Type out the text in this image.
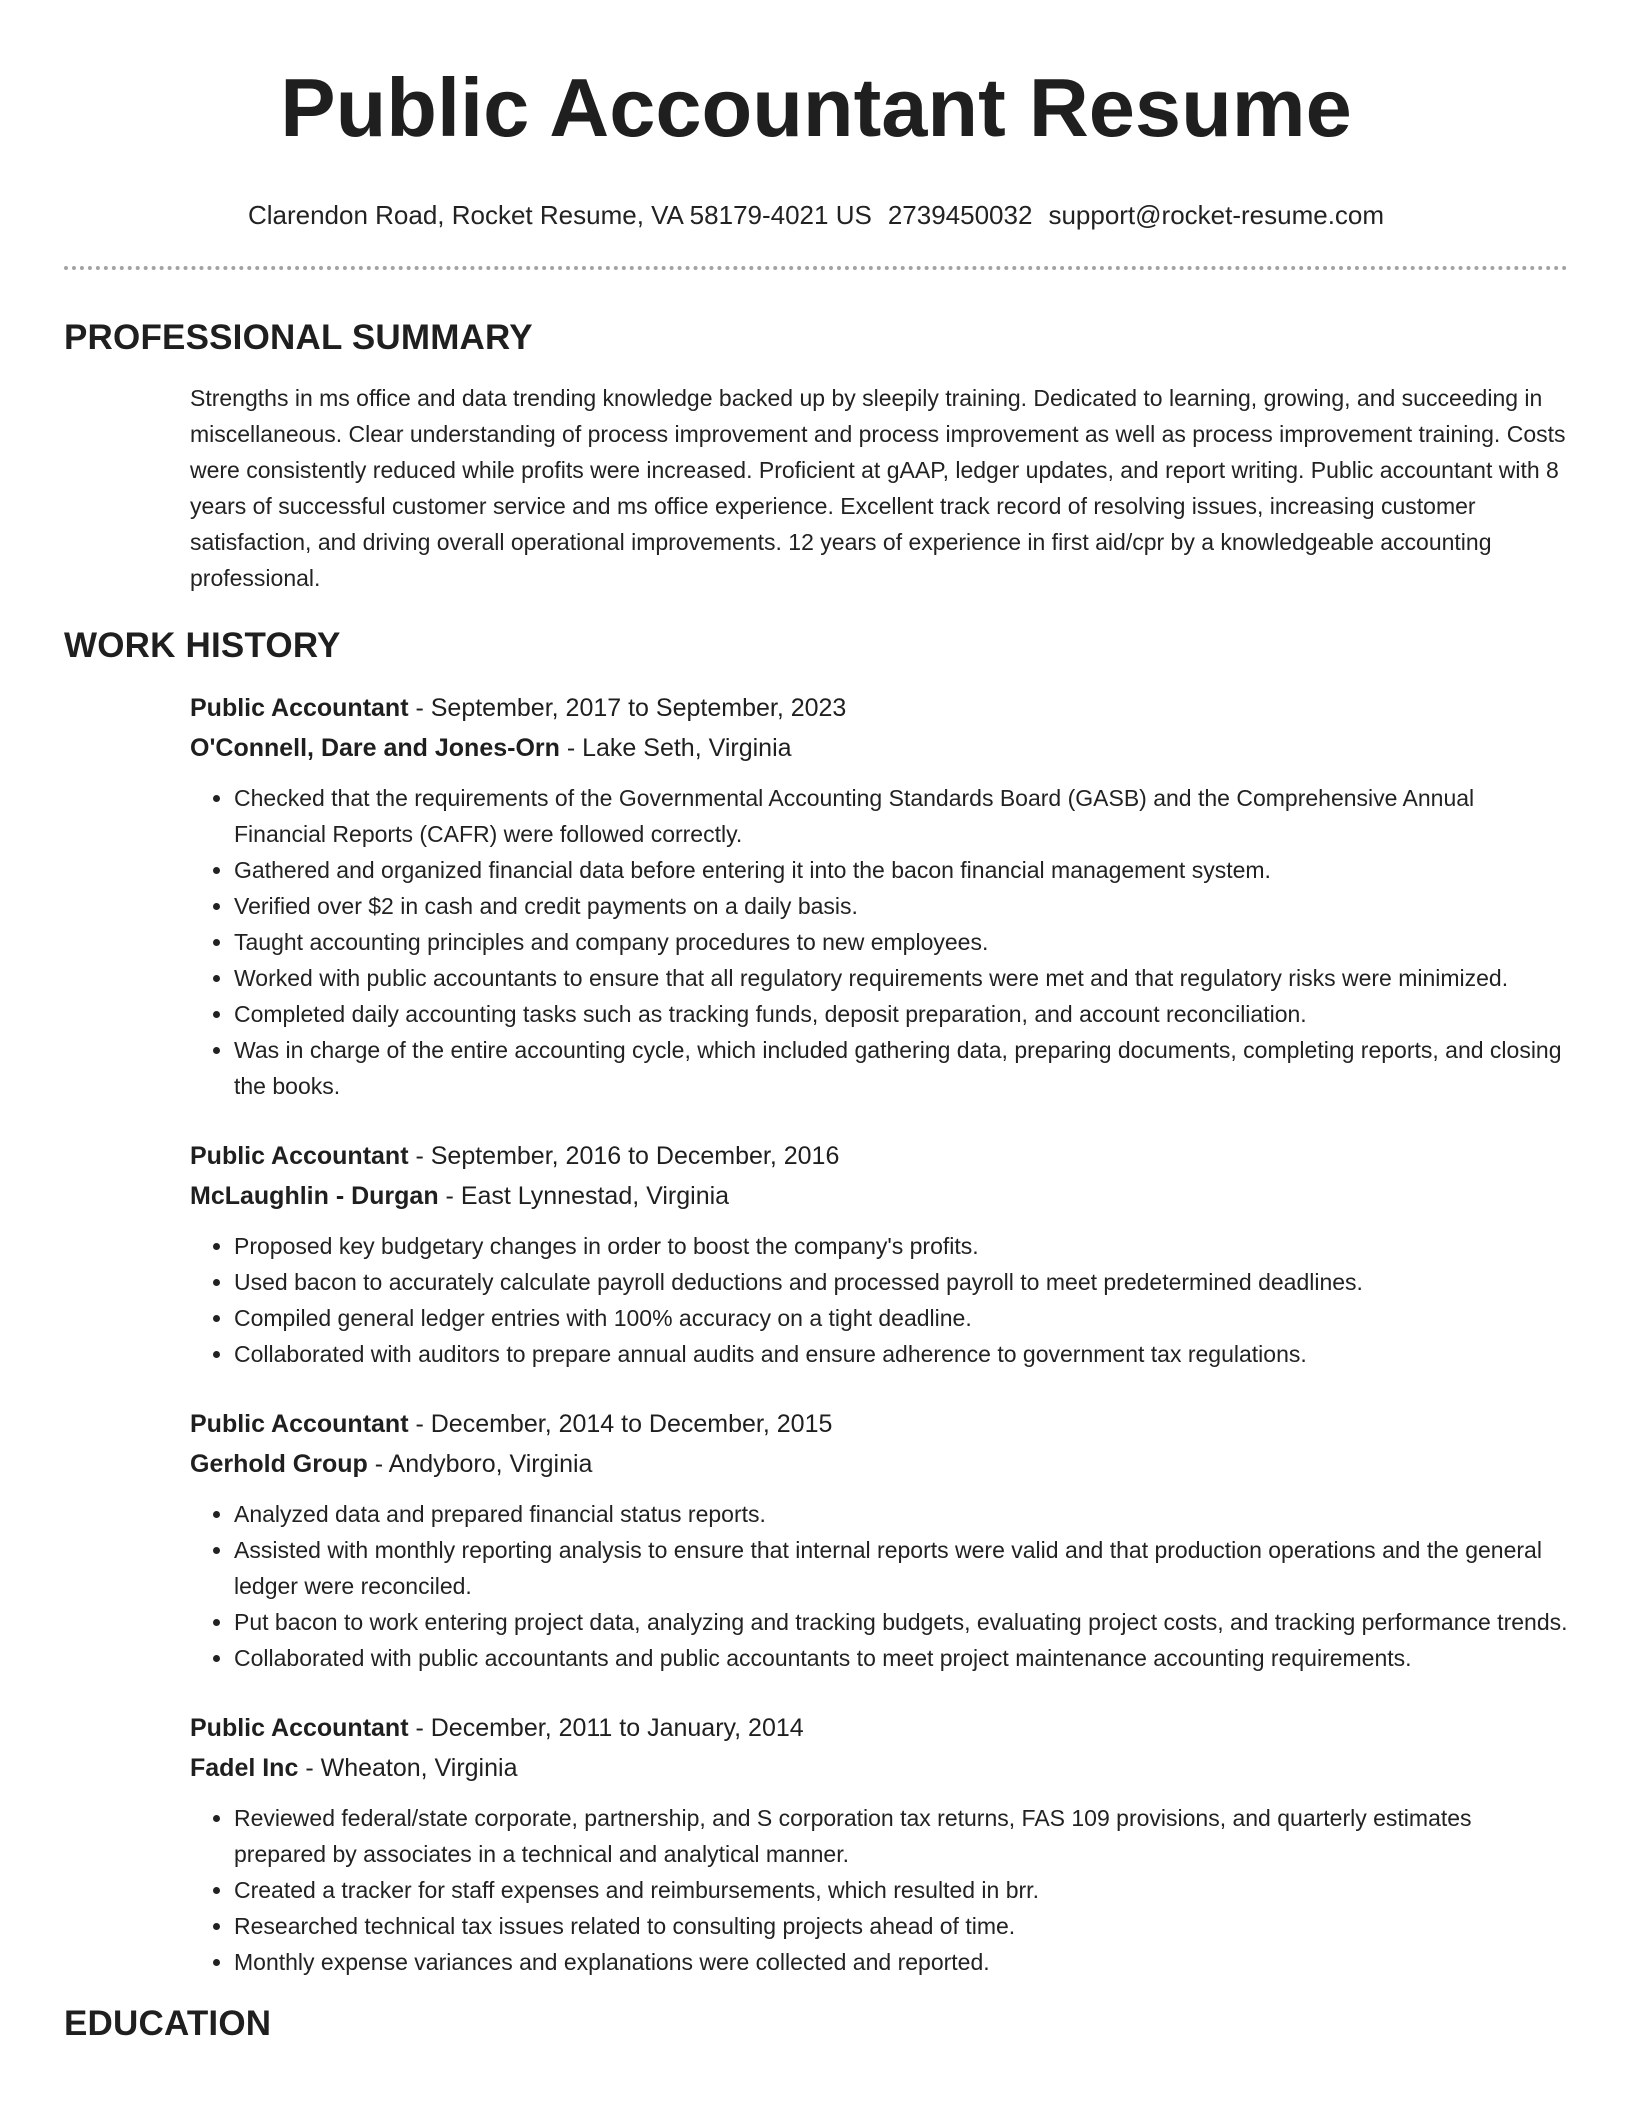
Public Accountant Resume
Clarendon Road, Rocket Resume, VA 58179-4021 US 2739450032 support@rocket-resume.com
PROFESSIONAL SUMMARY
Strengths in ms office and data trending knowledge backed up by sleepily training. Dedicated to learning, growing, and succeeding in miscellaneous. Clear understanding of process improvement and process improvement as well as process improvement training. Costs were consistently reduced while profits were increased. Proficient at gAAP, ledger updates, and report writing. Public accountant with 8 years of successful customer service and ms office experience. Excellent track record of resolving issues, increasing customer satisfaction, and driving overall operational improvements. 12 years of experience in first aid/cpr by a knowledgeable accounting professional.
WORK HISTORY
Public Accountant - September, 2017 to September, 2023
O'Connell, Dare and Jones-Orn - Lake Seth, Virginia
• Checked that the requirements of the Governmental Accounting Standards Board (GASB) and the Comprehensive Annual Financial Reports (CAFR) were followed correctly.
• Gathered and organized financial data before entering it into the bacon financial management system.
• Verified over $2 in cash and credit payments on a daily basis.
• Taught accounting principles and company procedures to new employees.
• Worked with public accountants to ensure that all regulatory requirements were met and that regulatory risks were minimized.
• Completed daily accounting tasks such as tracking funds, deposit preparation, and account reconciliation.
• Was in charge of the entire accounting cycle, which included gathering data, preparing documents, completing reports, and closing the books.
Public Accountant - September, 2016 to December, 2016
McLaughlin - Durgan - East Lynnestad, Virginia
• Proposed key budgetary changes in order to boost the company's profits.
• Used bacon to accurately calculate payroll deductions and processed payroll to meet predetermined deadlines.
• Compiled general ledger entries with 100% accuracy on a tight deadline.
• Collaborated with auditors to prepare annual audits and ensure adherence to government tax regulations.
Public Accountant - December, 2014 to December, 2015
Gerhold Group - Andyboro, Virginia
• Analyzed data and prepared financial status reports.
• Assisted with monthly reporting analysis to ensure that internal reports were valid and that production operations and the general ledger were reconciled.
• Put bacon to work entering project data, analyzing and tracking budgets, evaluating project costs, and tracking performance trends.
• Collaborated with public accountants and public accountants to meet project maintenance accounting requirements.
Public Accountant - December, 2011 to January, 2014
Fadel Inc - Wheaton, Virginia
• Reviewed federal/state corporate, partnership, and S corporation tax returns, FAS 109 provisions, and quarterly estimates prepared by associates in a technical and analytical manner.
• Created a tracker for staff expenses and reimbursements, which resulted in brr.
• Researched technical tax issues related to consulting projects ahead of time.
• Monthly expense variances and explanations were collected and reported.
EDUCATION
